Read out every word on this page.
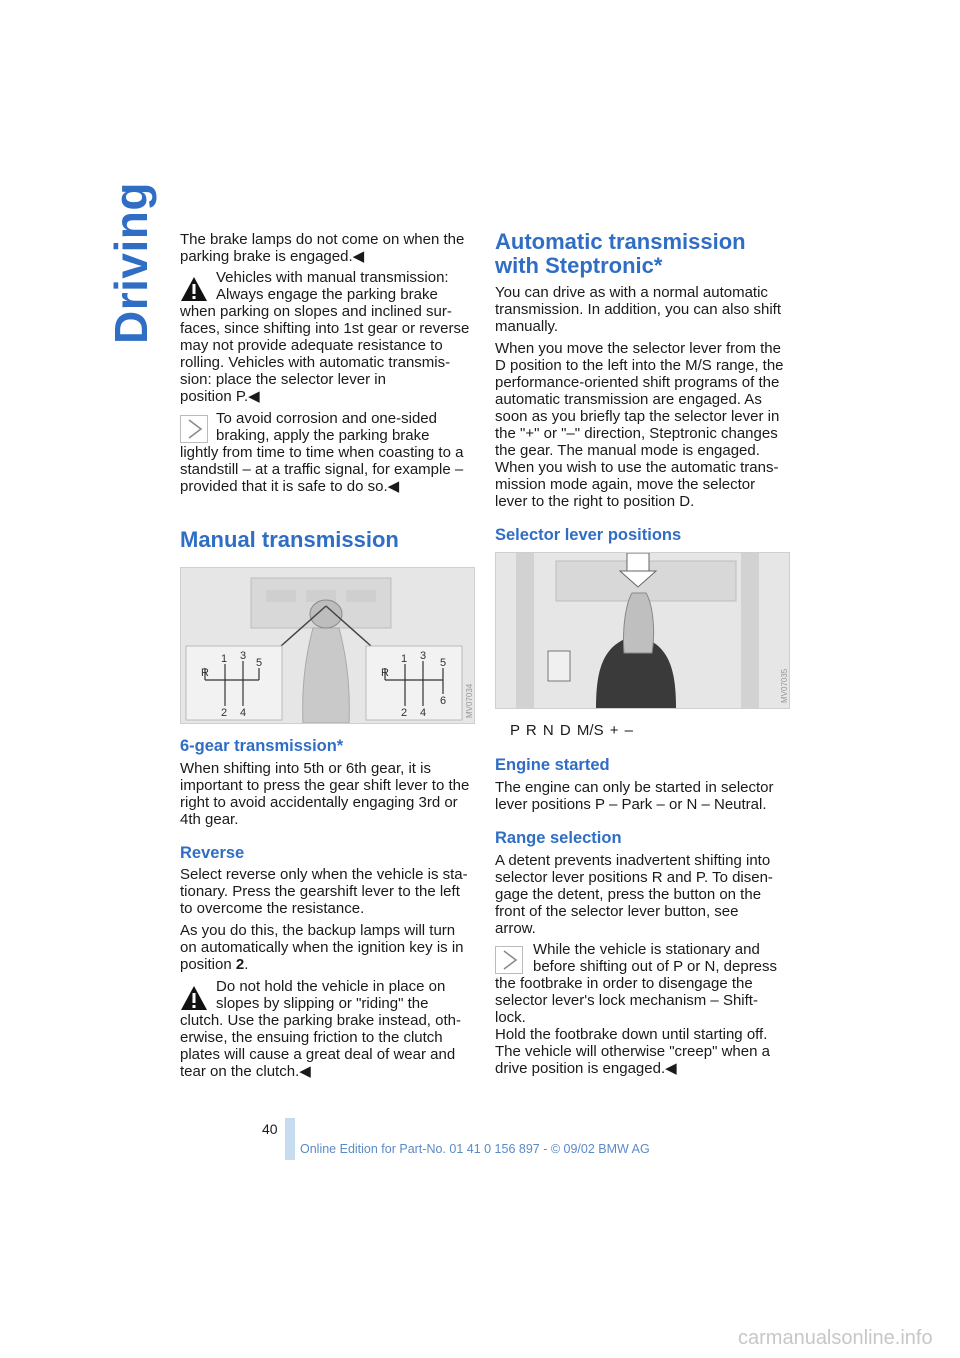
Driving The brake lamps do not come on when the
parking brake is engaged.◀

Vehicles with manual transmission:
Always engage the parking brake

when parking on slopes and inclined sur-
faces, since shifting into 1st gear or reverse
may not provide adequate resistance to
rolling. Vehicles with automatic transmis-
sion: place the selector lever in
position P.◀

To avoid corrosion and one-sided
braking, apply the parking brake

lightly from time to time when coasting to a
standstill – at a traffic signal, for example –
provided that it is safe to do so.◀

Manual transmission
R
1 3
5
2 4
R
1 3
5
2 4
6 MV07034
6-gear transmission*

When shifting into 5th or 6th gear, it is
important to press the gear shift lever to the
right to avoid accidentally engaging 3rd or
4th gear.

Reverse

Select reverse only when the vehicle is sta-
tionary. Press the gearshift lever to the left
to overcome the resistance.

As you do this, the backup lamps will turn
on automatically when the ignition key is in
position 2.

Do not hold the vehicle in place on
slopes by slipping or "riding" the

clutch. Use the parking brake instead, oth-
erwise, the ensuing friction to the clutch
plates will cause a great deal of wear and
tear on the clutch.◀

Automatic transmission
with Steptronic*

You can drive as with a normal automatic
transmission. In addition, you can also shift
manually.

When you move the selector lever from the
D position to the left into the M/S range, the
performance-oriented shift programs of the
automatic transmission are engaged. As
soon as you briefly tap the selector lever in
the "+" or "–" direction, Steptronic changes
the gear. The manual mode is engaged.
When you wish to use the automatic trans-
mission mode again, move the selector
lever to the right to position D.

Selector lever positions
MV07035

P R N D M/S + –

Engine started

The engine can only be started in selector
lever positions P – Park – or N – Neutral.

Range selection

A detent prevents inadvertent shifting into
selector lever positions R and P. To disen-
gage the detent, press the button on the
front of the selector lever button, see
arrow.

While the vehicle is stationary and
before shifting out of P or N, depress

the footbrake in order to disengage the
selector lever's lock mechanism – Shift-
lock.
Hold the footbrake down until starting off.
The vehicle will otherwise "creep" when a
drive position is engaged.◀

40
Online Edition for Part-No. 01 41 0 156 897 - © 09/02 BMW AG
carmanualsonline.info
